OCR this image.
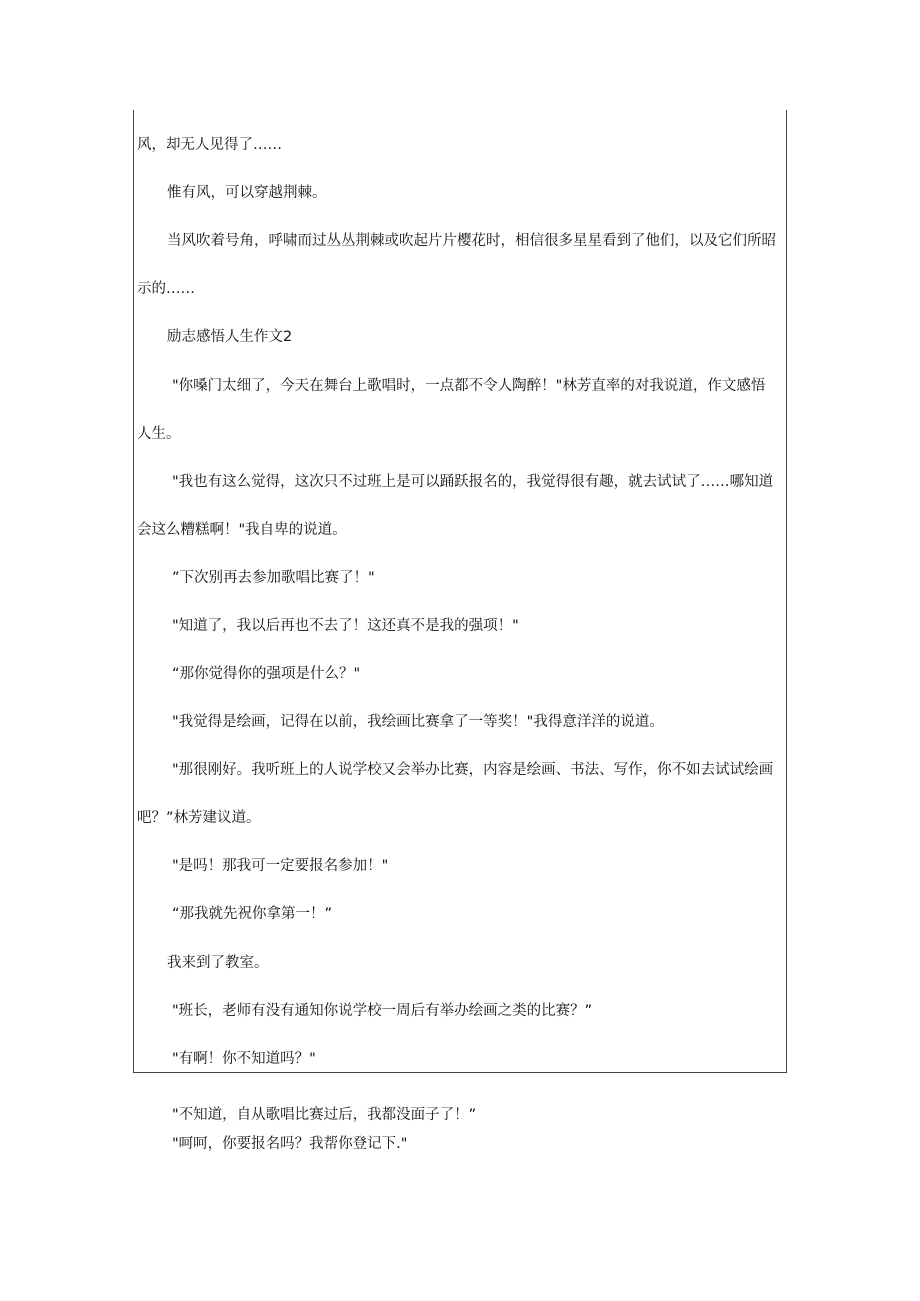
风，却无人见得了……
惟有风，可以穿越荆棘。
当风吹着号角，呼啸而过丛丛荆棘或吹起片片樱花时，相信很多星星看到了他们，以及它们所昭
示的……
励志感悟人生作文2
"你嗓门太细了，今天在舞台上歌唱时，一点都不令人陶醉！"林芳直率的对我说道，作文感悟
人生。
"我也有这么觉得，这次只不过班上是可以踊跃报名的，我觉得很有趣，就去试试了……哪知道
会这么糟糕啊！"我自卑的说道。
”下次别再去参加歌唱比赛了！"
"知道了，我以后再也不去了！这还真不是我的强项！"
“那你觉得你的强项是什么？"
"我觉得是绘画，记得在以前，我绘画比赛拿了一等奖！"我得意洋洋的说道。
"那很刚好。我听班上的人说学校又会举办比赛，内容是绘画、书法、写作，你不如去试试绘画
吧？”林芳建议道。
"是吗！那我可一定要报名参加！"
“那我就先祝你拿第一！”
我来到了教室。
"班长，老师有没有通知你说学校一周后有举办绘画之类的比赛？”
"有啊！你不知道吗？"
"不知道，自从歌唱比赛过后，我都没面子了！”
"呵呵，你要报名吗？我帮你登记下."
